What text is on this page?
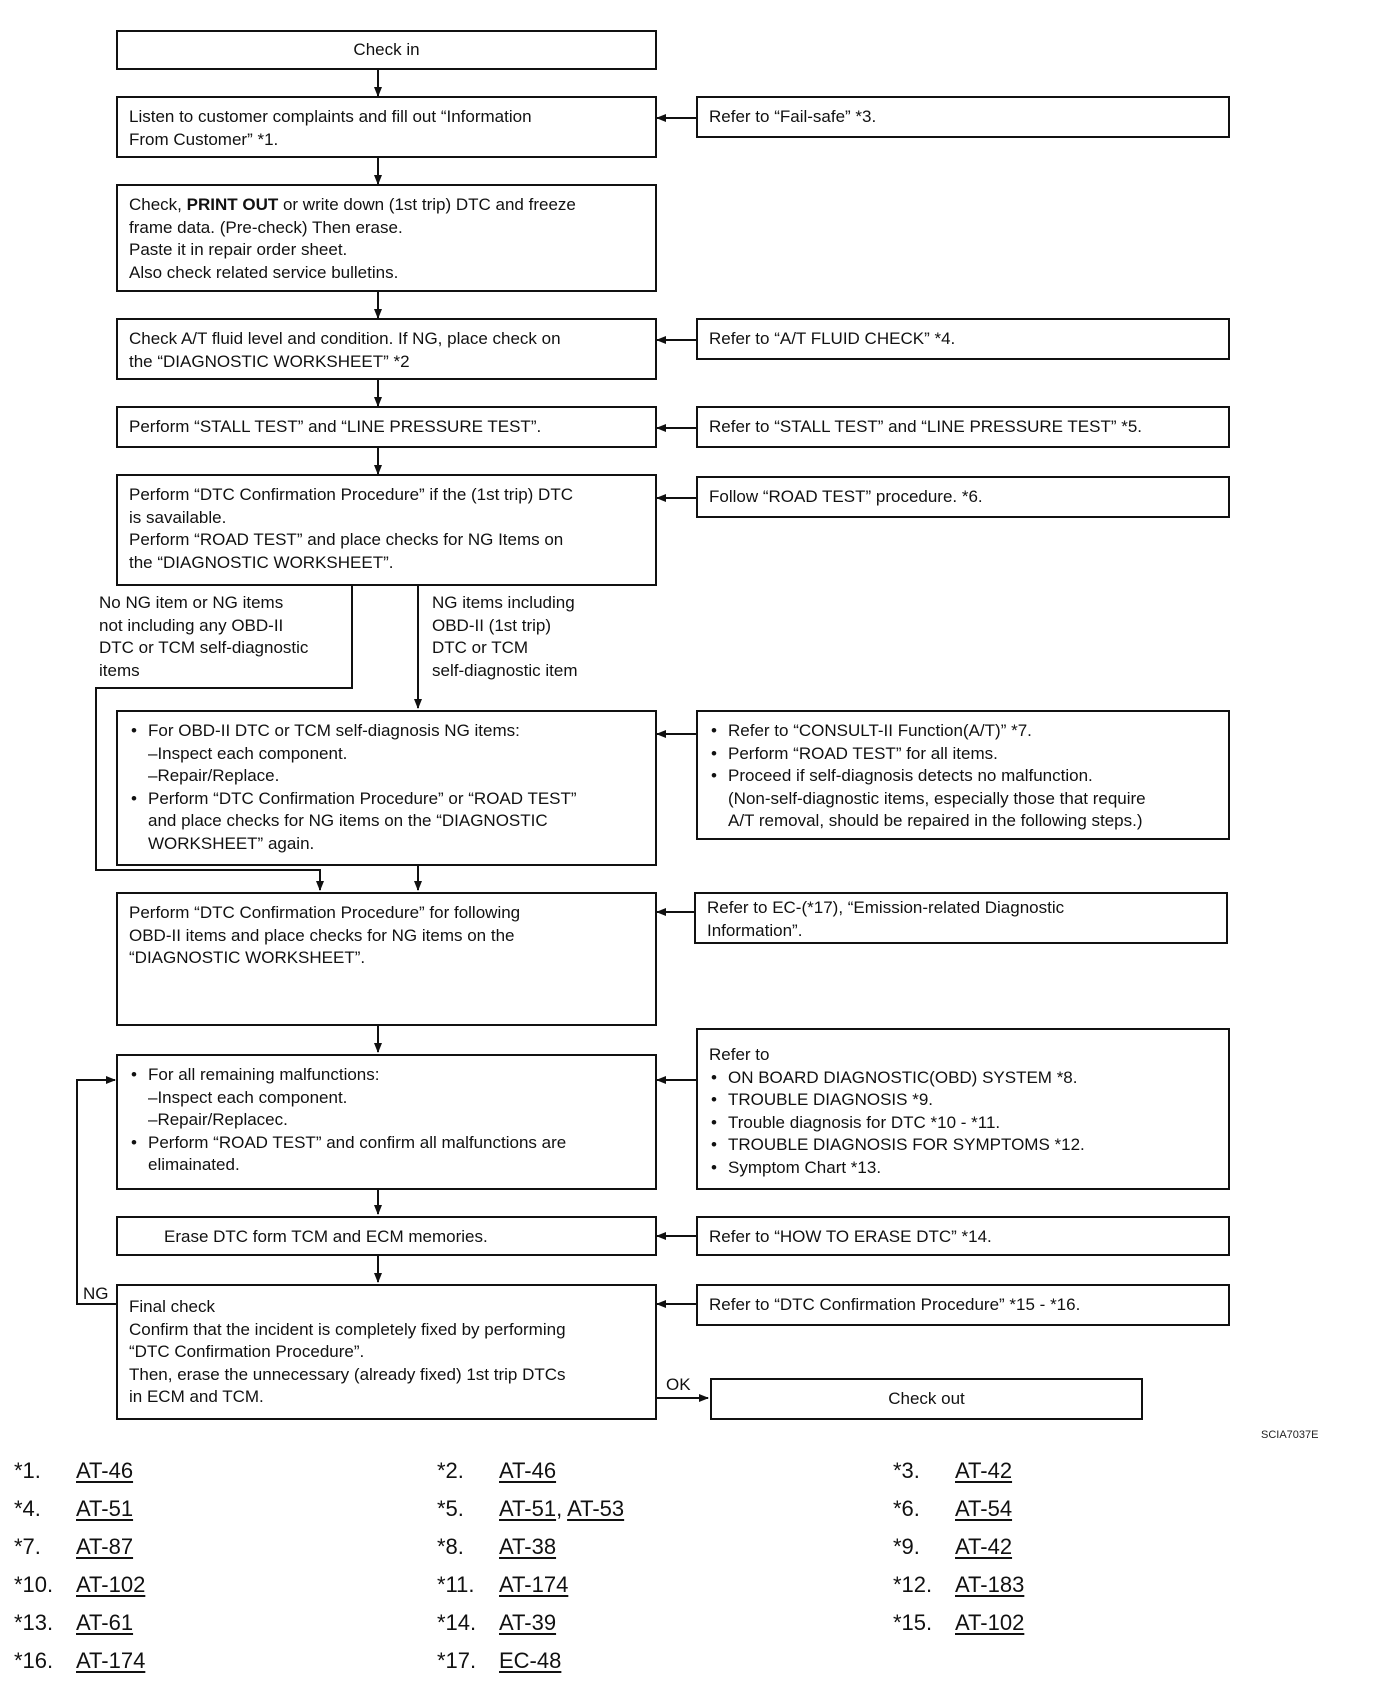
Check in

Listen to customer complaints and fill out “Information

From Customer” *1.

Refer to “Fail-safe” *3.

Check, PRINT OUT or write down (1st trip) DTC and freeze

frame data. (Pre-check) Then erase.

Paste it in repair order sheet.

Also check related service bulletins.

Check A/T fluid level and condition. If NG, place check on

the “DIAGNOSTIC WORKSHEET” *2

Refer to “A/T FLUID CHECK” *4.

Perform “STALL TEST” and “LINE PRESSURE TEST”.	Refer to “STALL TEST” and “LINE PRESSURE TEST” *5.

Perform “DTC Confirmation Procedure” if the (1st trip) DTC

is savailable.

Perform “ROAD TEST” and place checks for NG Items on

the “DIAGNOSTIC WORKSHEET”.

Follow “ROAD TEST” procedure. *6.

No NG item or NG items

not including any OBD-II

DTC or TCM self-diagnostic

items

NG items including

OBD-II (1st trip)

DTC or TCM

self-diagnostic item

• For OBD-II DTC or TCM self-diagnosis NG items:

–Inspect each component.

–Repair/Replace.

• Perform “DTC Confirmation Procedure” or “ROAD TEST”

and place checks for NG items on the “DIAGNOSTIC

WORKSHEET” again.

• Refer to “CONSULT-II Function(A/T)” *7.
• Perform “ROAD TEST” for all items.
• Proceed if self-diagnosis detects no malfunction.

(Non-self-diagnostic items, especially those that require

A/T removal, should be repaired in the following steps.)

Perform “DTC Confirmation Procedure” for following

OBD-II items and place checks for NG items on the

“DIAGNOSTIC WORKSHEET”.

Refer to EC-(*17), “Emission-related Diagnostic

Information”.

• For all remaining malfunctions:

–Inspect each component.

–Repair/Replacec.

• Perform “ROAD TEST” and confirm all malfunctions are

elimainated.

Refer to

• ON BOARD DIAGNOSTIC(OBD) SYSTEM *8.
• TROUBLE DIAGNOSIS *9.
• Trouble diagnosis for DTC *10 - *11.
• TROUBLE DIAGNOSIS FOR SYMPTOMS *12.
• Symptom Chart *13.

Erase DTC form TCM and ECM memories.	Refer to “HOW TO ERASE DTC” *14.

NG

Final check

Confirm that the incident is completely fixed by performing

“DTC Confirmation Procedure”.

Then, erase the unnecessary (already fixed) 1st trip DTCs

in ECM and TCM.

Refer to “DTC Confirmation Procedure” *15 - *16.

OK
Check out
SCIA7037E
*1. AT-46	*2. AT-46	*3. AT-42
*4. AT-51	*5. AT-51, AT-53	*6. AT-54
*7. AT-87	*8. AT-38	*9. AT-42
*10. AT-102	*11. AT-174	*12. AT-183
*13. AT-61	*14. AT-39	*15. AT-102
*16. AT-174	*17. EC-48
